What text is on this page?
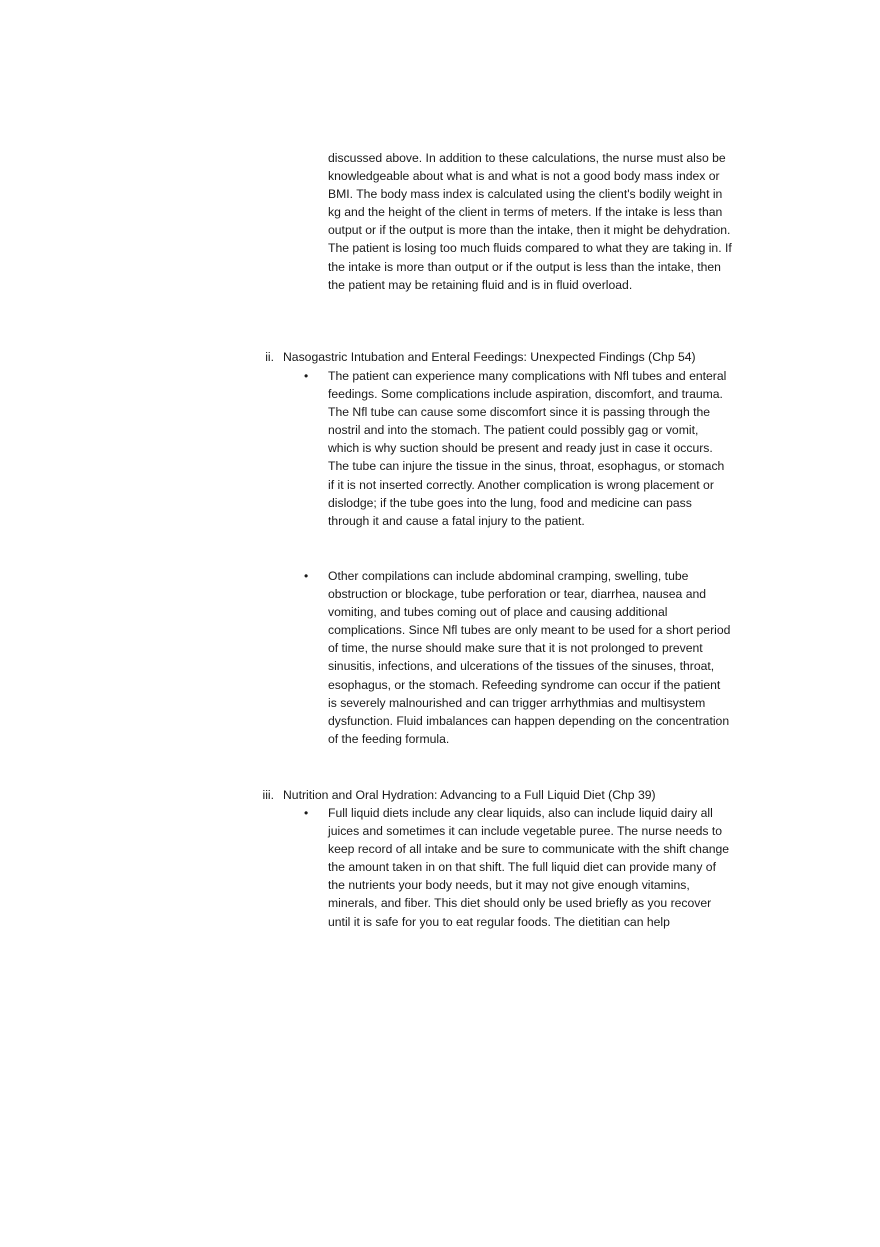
discussed above. In addition to these calculations, the nurse must also be knowledgeable about what is and what is not a good body mass index or BMI. The body mass index is calculated using the client's bodily weight in kg and the height of the client in terms of meters. If the intake is less than output or if the output is more than the intake, then it might be dehydration. The patient is losing too much fluids compared to what they are taking in. If the intake is more than output or if the output is less than the intake, then the patient may be retaining fluid and is in fluid overload.

ii. Nasogastric Intubation and Enteral Feedings: Unexpected Findings (Chp 54)
• The patient can experience many complications with Nfl tubes and enteral feedings. Some complications include aspiration, discomfort, and trauma. The Nfl tube can cause some discomfort since it is passing through the nostril and into the stomach. The patient could possibly gag or vomit, which is why suction should be present and ready just in case it occurs. The tube can injure the tissue in the sinus, throat, esophagus, or stomach if it is not inserted correctly. Another complication is wrong placement or dislodge; if the tube goes into the lung, food and medicine can pass through it and cause a fatal injury to the patient.

• Other compilations can include abdominal cramping, swelling, tube obstruction or blockage, tube perforation or tear, diarrhea, nausea and vomiting, and tubes coming out of place and causing additional complications. Since Nfl tubes are only meant to be used for a short period of time, the nurse should make sure that it is not prolonged to prevent sinusitis, infections, and ulcerations of the tissues of the sinuses, throat, esophagus, or the stomach. Refeeding syndrome can occur if the patient is severely malnourished and can trigger arrhythmias and multisystem dysfunction. Fluid imbalances can happen depending on the concentration of the feeding formula.

iii. Nutrition and Oral Hydration: Advancing to a Full Liquid Diet (Chp 39)
• Full liquid diets include any clear liquids, also can include liquid dairy all juices and sometimes it can include vegetable puree. The nurse needs to keep record of all intake and be sure to communicate with the shift change the amount taken in on that shift. The full liquid diet can provide many of the nutrients your body needs, but it may not give enough vitamins, minerals, and fiber. This diet should only be used briefly as you recover until it is safe for you to eat regular foods. The dietitian can help
